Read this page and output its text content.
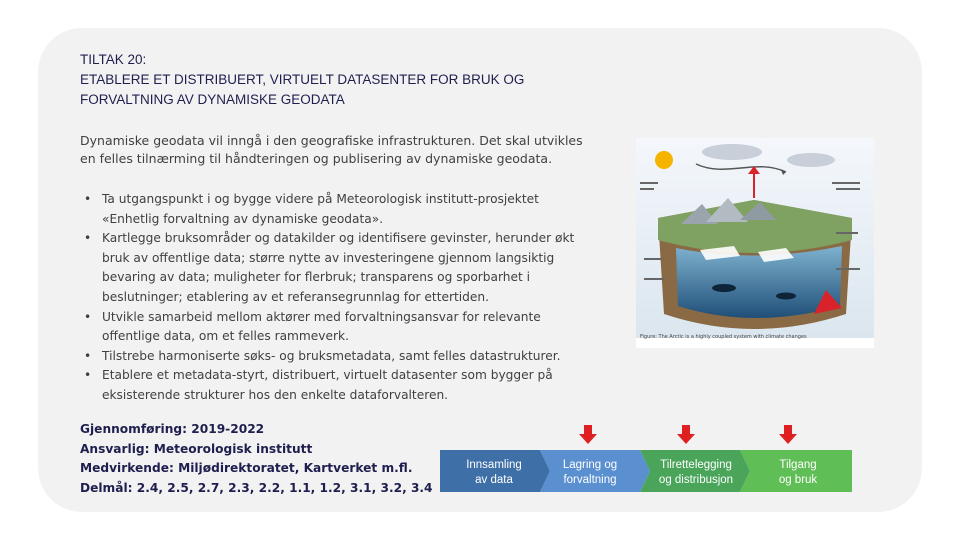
TILTAK 20:
ETABLERE ET DISTRIBUERT, VIRTUELT DATASENTER FOR BRUK OG
FORVALTNING AV DYNAMISKE GEODATA
Dynamiske geodata vil inngå i den geografiske infrastrukturen. Det skal utvikles
en felles tilnærming til håndteringen og publisering av dynamiske geodata.
• Ta utgangspunkt i og bygge videre på Meteorologisk institutt-prosjektet
«Enhetlig forvaltning av dynamiske geodata».
• Kartlegge bruksområder og datakilder og identifisere gevinster, herunder økt
bruk av offentlige data; større nytte av investeringene gjennom langsiktig
bevaring av data; muligheter for flerbruk; transparens og sporbarhet i
beslutninger; etablering av et referansegrunnlag for ettertiden.
• Utvikle samarbeid mellom aktører med forvaltningsansvar for relevante
offentlige data, om et felles rammeverk.
• Tilstrebe harmoniserte søks- og bruksmetadata, samt felles datastrukturer.
• Etablere et metadata-styrt, distribuert, virtuelt datasenter som bygger på
eksisterende strukturer hos den enkelte dataforvalteren.
Gjennomføring: 2019-2022
Ansvarlig: Meteorologisk institutt
Medvirkende: Miljødirektoratet, Kartverket m.fl.
Delmål: 2.4, 2.5, 2.7, 2.3, 2.2, 1.1, 1.2, 3.1, 3.2, 3.4
Figure: The Arctic is a highly coupled system with climate changes
Innsamling
av data
Lagring og
forvaltning
Tilrettelegging
og distribusjon
Tilgang
og bruk
